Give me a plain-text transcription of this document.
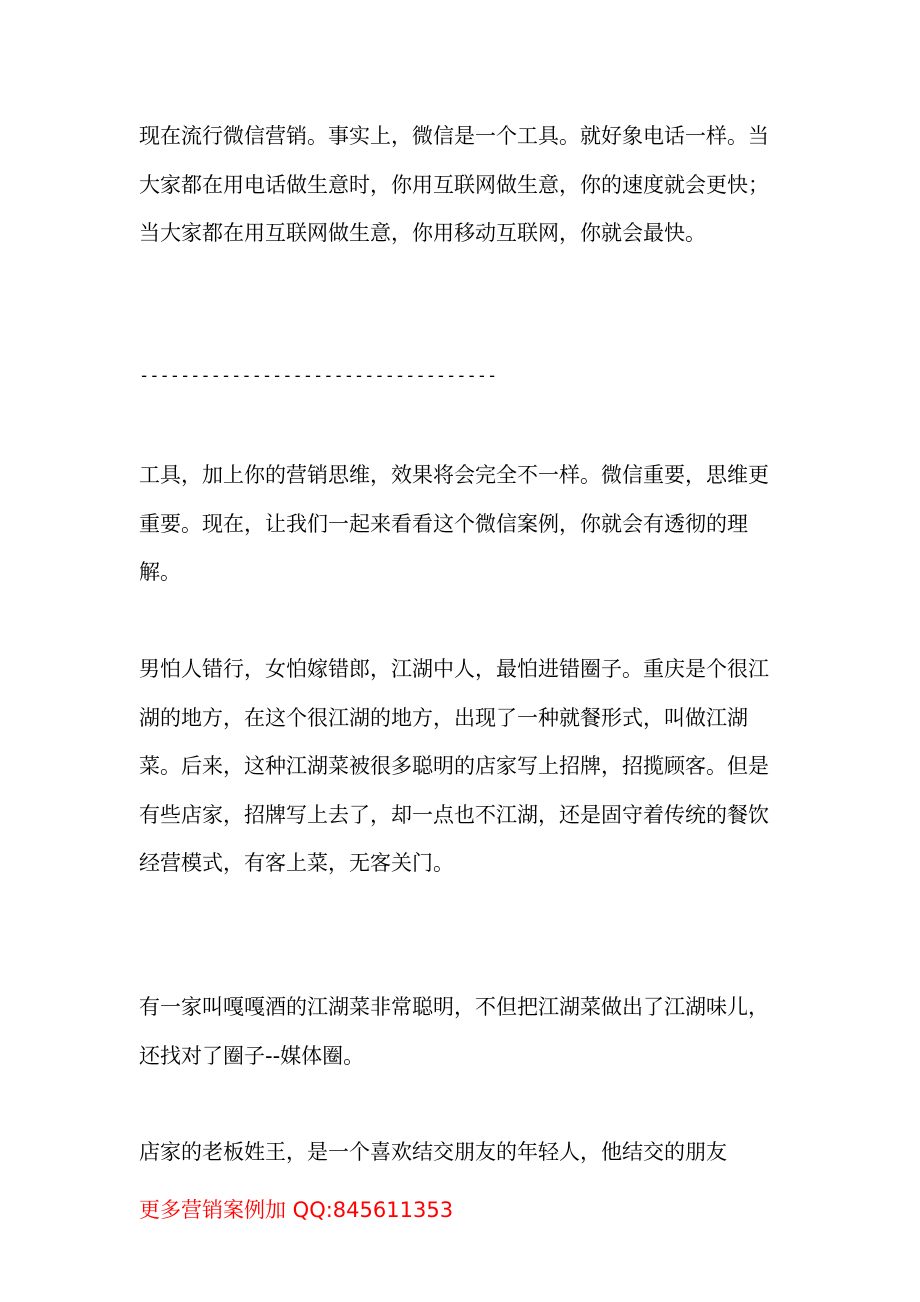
现在流行微信营销。事实上，微信是一个工具。就好象电话一样。当大家都在用电话做生意时，你用互联网做生意，你的速度就会更快；当大家都在用互联网做生意，你用移动互联网，你就会最快。

-----------------------------------

工具，加上你的营销思维，效果将会完全不一样。微信重要，思维更重要。现在，让我们一起来看看这个微信案例，你就会有透彻的理解。

男怕人错行，女怕嫁错郎，江湖中人，最怕进错圈子。重庆是个很江湖的地方，在这个很江湖的地方，出现了一种就餐形式，叫做江湖菜。后来，这种江湖菜被很多聪明的店家写上招牌，招揽顾客。但是有些店家，招牌写上去了，却一点也不江湖，还是固守着传统的餐饮经营模式，有客上菜，无客关门。

有一家叫嘎嘎酒的江湖菜非常聪明，不但把江湖菜做出了江湖味儿，还找对了圈子--媒体圈。

店家的老板姓王，是一个喜欢结交朋友的年轻人，他结交的朋友

更多营销案例加 QQ:845611353
